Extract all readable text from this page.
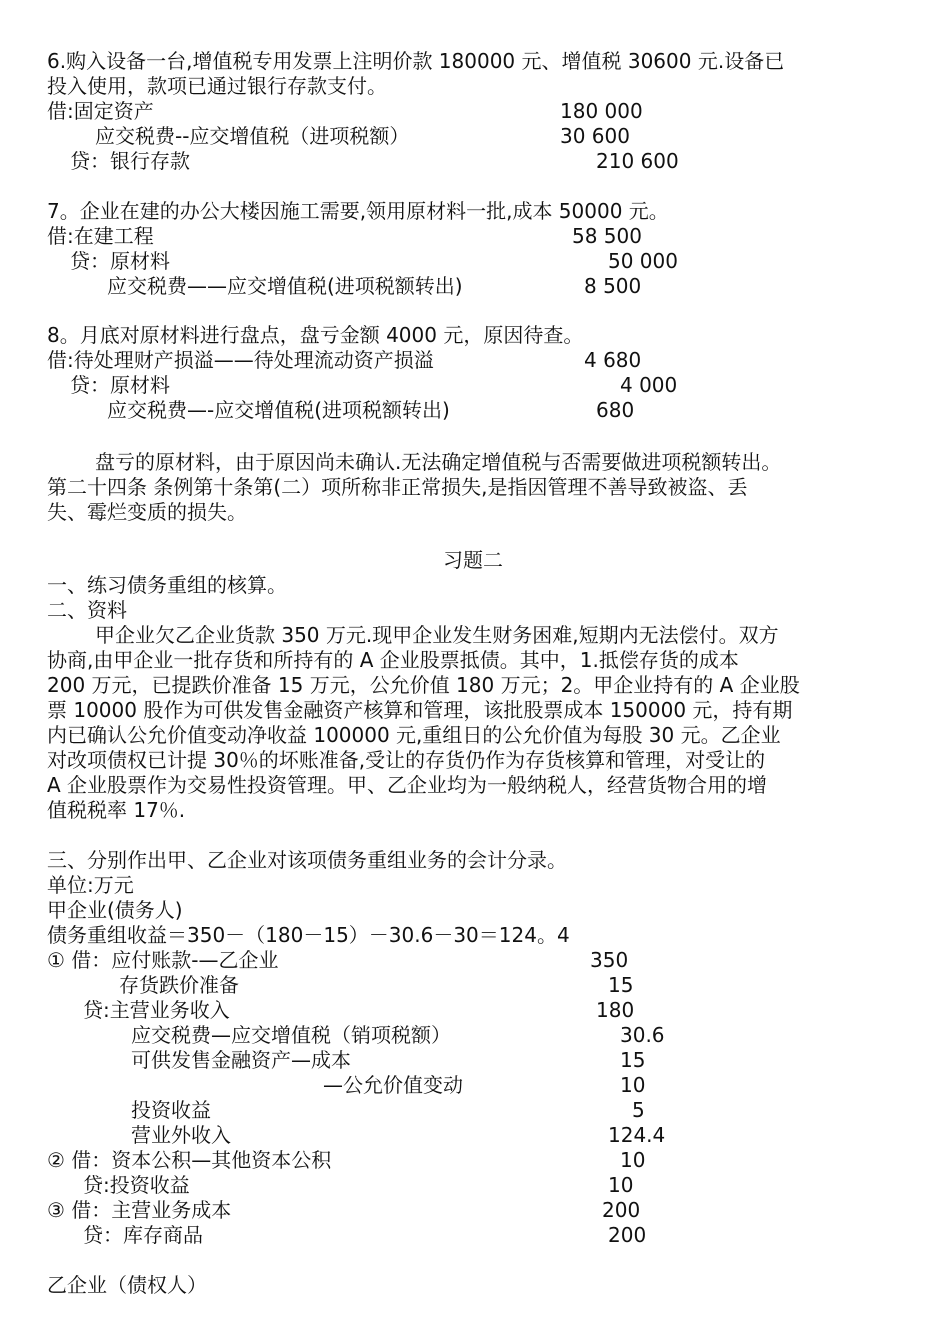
6.购入设备一台,增值税专用发票上注明价款 180000 元、增值税 30600 元.设备已
投入使用，款项已通过银行存款支付。
借:固定资产	180 000
应交税费--应交增值税（进项税额）	30 600
贷：银行存款	210 600
7。企业在建的办公大楼因施工需要,领用原材料一批,成本 50000 元。
借:在建工程	58 500
贷：原材料	50 000
应交税费——应交增值税(进项税额转出)	8 500
8。月底对原材料进行盘点，盘亏金额 4000 元，原因待查。
借:待处理财产损溢——待处理流动资产损溢	4 680
贷：原材料	4 000
应交税费—-应交增值税(进项税额转出)	680
盘亏的原材料，由于原因尚未确认.无法确定增值税与否需要做进项税额转出。
第二十四条 条例第十条第(二）项所称非正常损失,是指因管理不善导致被盗、丢
失、霉烂变质的损失。
习题二
一、练习债务重组的核算。
二、资料
甲企业欠乙企业货款 350 万元.现甲企业发生财务困难,短期内无法偿付。双方
协商,由甲企业一批存货和所持有的 A 企业股票抵债。其中，1.抵偿存货的成本
200 万元，已提跌价准备 15 万元，公允价值 180 万元；2。甲企业持有的 A 企业股
票 10000 股作为可供发售金融资产核算和管理，该批股票成本 150000 元，持有期
内已确认公允价值变动净收益 100000 元,重组日的公允价值为每股 30 元。乙企业
对改项债权已计提 30％的坏账准备,受让的存货仍作为存货核算和管理，对受让的
A 企业股票作为交易性投资管理。甲、乙企业均为一般纳税人，经营货物合用的增
值税税率 17％.
三、分别作出甲、乙企业对该项债务重组业务的会计分录。
单位:万元
甲企业(债务人)
债务重组收益＝350－（180－15）－30.6－30＝124。4
① 借：应付账款-—乙企业	350
存货跌价准备	15
贷:主营业务收入	180
应交税费—应交增值税（销项税额）	30.6
可供发售金融资产—成本	15
—公允价值变动	10
投资收益	5
营业外收入	124.4
② 借：资本公积—其他资本公积	10
贷:投资收益	10
③ 借：主营业务成本	200
贷：库存商品	200
乙企业（债权人）
